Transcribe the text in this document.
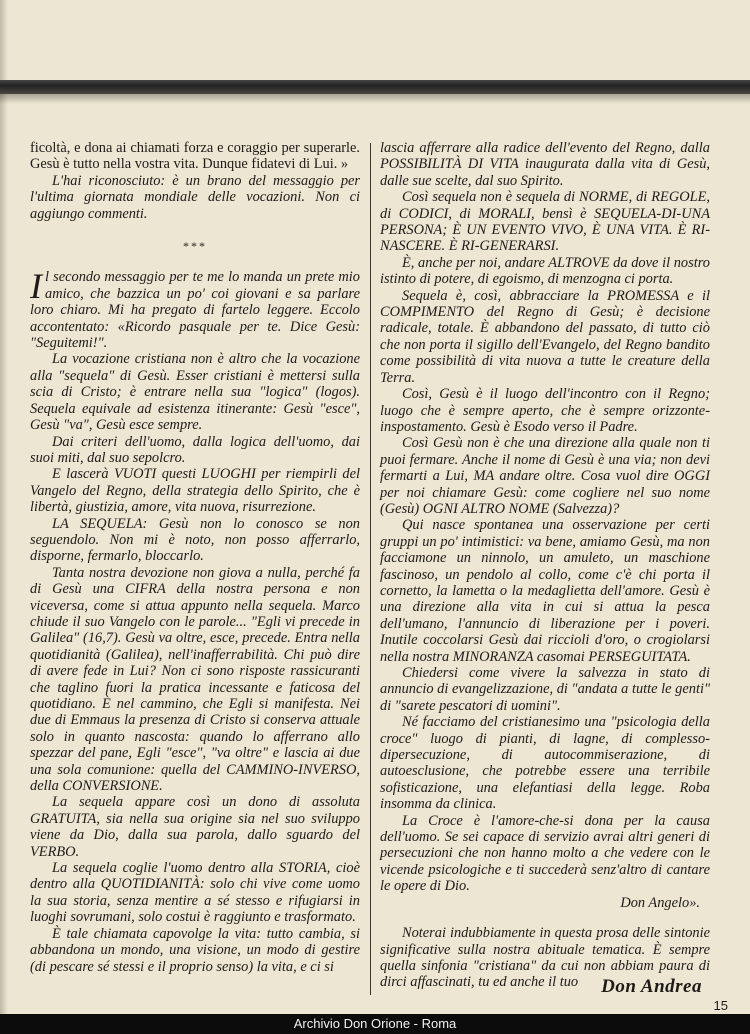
ficoltà, e dona ai chiamati forza e coraggio per superarle. Gesù è tutto nella vostra vita. Dunque fidatevi di Lui. »

L'hai riconosciuto: è un brano del messaggio per l'ultima giornata mondiale delle vocazioni. Non ci aggiungo commenti.

***

Il secondo messaggio per te me lo manda un prete mio amico, che bazzica un po' coi giovani e sa parlare loro chiaro. Mi ha pregato di fartelo leggere. Eccolo accontentato: «Ricordo pasquale per te. Dice Gesù: "Seguitemi!".

La vocazione cristiana non è altro che la vocazione alla "sequela" di Gesù. Esser cristiani è mettersi sulla scia di Cristo; è entrare nella sua "logica" (logos). Sequela equivale ad esistenza itinerante: Gesù "esce", Gesù "va", Gesù esce sempre.

Dai criteri dell'uomo, dalla logica dell'uomo, dai suoi miti, dal suo sepolcro.

E lascerà VUOTI questi LUOGHI per riempirli del Vangelo del Regno, della strategia dello Spirito, che è libertà, giustizia, amore, vita nuova, risurrezione.

LA SEQUELA: Gesù non lo conosco se non seguendolo. Non mi è noto, non posso afferrarlo, disporne, fermarlo, bloccarlo.

Tanta nostra devozione non giova a nulla, perché fa di Gesù una CIFRA della nostra persona e non viceversa, come si attua appunto nella sequela. Marco chiude il suo Vangelo con le parole... "Egli vi precede in Galilea" (16,7). Gesù va oltre, esce, precede. Entra nella quotidianità (Galilea), nell'inafferrabilità. Chi può dire di avere fede in Lui? Non ci sono risposte rassicuranti che taglino fuori la pratica incessante e faticosa del quotidiano. È nel cammino, che Egli si manifesta. Nei due di Emmaus la presenza di Cristo si conserva attuale solo in quanto nascosta: quando lo afferrano allo spezzar del pane, Egli "esce", "va oltre" e lascia ai due una sola comunione: quella del CAMMINO-INVERSO, della CONVERSIONE.

La sequela appare così un dono di assoluta GRATUITA, sia nella sua origine sia nel suo sviluppo viene da Dio, dalla sua parola, dallo sguardo del VERBO.

La sequela coglie l'uomo dentro alla STORIA, cioè dentro alla QUOTIDIANITÀ: solo chi vive come uomo la sua storia, senza mentire a sé stesso e rifugiarsi in luoghi sovrumani, solo costui è raggiunto e trasformato.

È tale chiamata capovolge la vita: tutto cambia, si abbandona un mondo, una visione, un modo di gestire (di pescare sé stessi e il proprio senso) la vita, e ci si

lascia afferrare alla radice dell'evento del Regno, dalla POSSIBILITÀ DI VITA inaugurata dalla vita di Gesù, dalle sue scelte, dal suo Spirito.

Così sequela non è sequela di NORME, di REGOLE, di CODICI, di MORALI, bensì è SEQUELA-DI-UNA PERSONA; È UN EVENTO VIVO, È UNA VITA. È RI-NASCERE. È RI-GENERARSI.

È, anche per noi, andare ALTROVE da dove il nostro istinto di potere, di egoismo, di menzogna ci porta.

Sequela è, così, abbracciare la PROMESSA e il COMPIMENTO del Regno di Gesù; è decisione radicale, totale. È abbandono del passato, di tutto ciò che non porta il sigillo dell'Evangelo, del Regno bandito come possibilità di vita nuova a tutte le creature della Terra.

Così, Gesù è il luogo dell'incontro con il Regno; luogo che è sempre aperto, che è sempre orizzonte-inspostamento. Gesù è Esodo verso il Padre.

Così Gesù non è che una direzione alla quale non ti puoi fermare. Anche il nome di Gesù è una via; non devi fermarti a Lui, MA andare oltre. Cosa vuol dire OGGI per noi chiamare Gesù: come cogliere nel suo nome (Gesù) OGNI ALTRO NOME (Salvezza)?

Qui nasce spontanea una osservazione per certi gruppi un po' intimistici: va bene, amiamo Gesù, ma non facciamone un ninnolo, un amuleto, un maschione fascinoso, un pendolo al collo, come c'è chi porta il cornetto, la lametta o la medaglietta dell'amore. Gesù è una direzione alla vita in cui si attua la pesca dell'umano, l'annuncio di liberazione per i poveri. Inutile coccolarsi Gesù dai riccioli d'oro, o crogiolarsi nella nostra MINORANZA casomai PERSEGUITATA.

Chiedersi come vivere la salvezza in stato di annuncio di evangelizzazione, di "andata a tutte le genti" di "sarete pescatori di uomini".

Né facciamo del cristianesimo una "psicologia della croce" luogo di pianti, di lagne, di complesso-dipersecuzione, di autocommiserazione, di autoesclusione, che potrebbe essere una terribile sofisticazione, una elefantiasi della legge. Roba insomma da clinica.

La Croce è l'amore-che-si dona per la causa dell'uomo. Se sei capace di servizio avrai altri generi di persecuzioni che non hanno molto a che vedere con le vicende psicologiche e ti succederà senz'altro di cantare le opere di Dio.

Don Angelo».

Noterai indubbiamente in questa prosa delle sintonie significative sulla nostra abituale tematica. È sempre quella sinfonia "cristiana" da cui non abbiam paura di dirci affascinati, tu ed anche il tuo	Don Andrea
15
Archivio Don Orione - Roma
